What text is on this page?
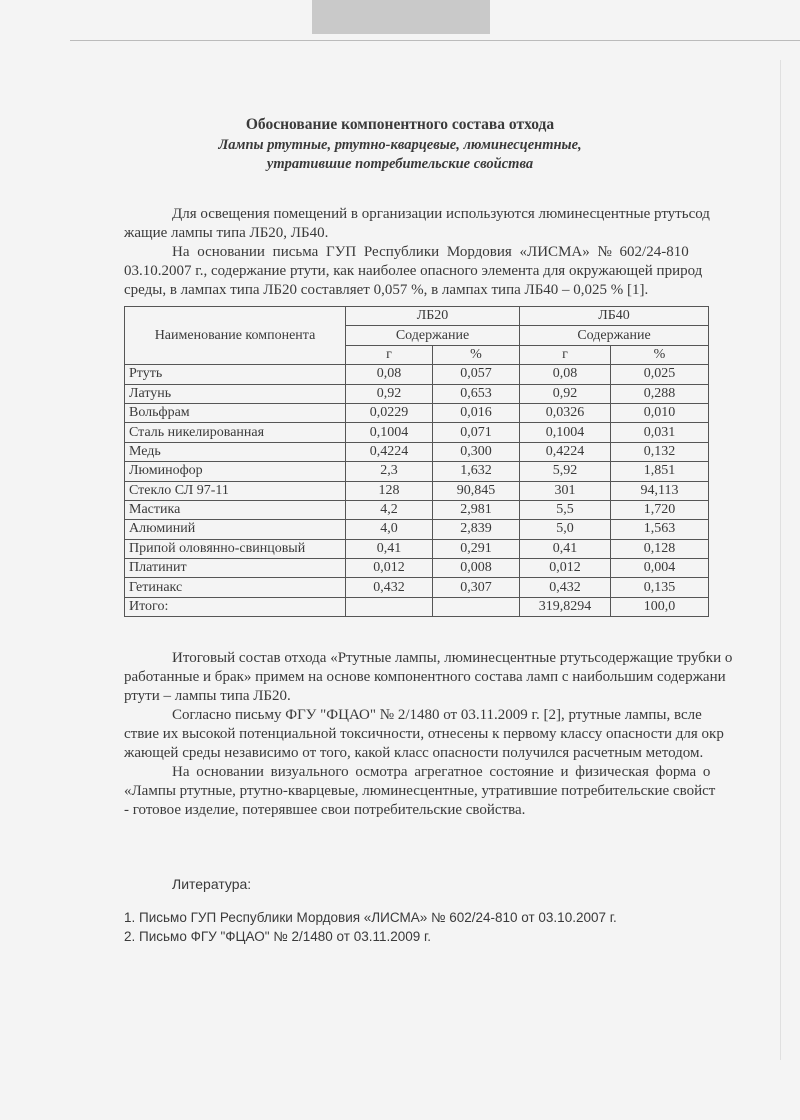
Обоснование компонентного состава отхода
Лампы ртутные, ртутно-кварцевые, люминесцентные,
утратившие потребительские свойства
Для освещения помещений в организации используются люминесцентные ртутьсод
жащие лампы типа ЛБ20, ЛБ40.
На основании письма ГУП Республики Мордовия «ЛИСМА» № 602/24-810
03.10.2007 г., содержание ртути, как наиболее опасного элемента для окружающей природ
среды, в лампах типа ЛБ20 составляет 0,057 %, в лампах типа ЛБ40 – 0,025 % [1].
Наименование компонента	ЛБ20		ЛБ40	
	Содержание		Содержание	
	г	%	г	%
Ртуть	0,08	0,057	0,08	0,025
Латунь	0,92	0,653	0,92	0,288
Вольфрам	0,0229	0,016	0,0326	0,010
Сталь никелированная	0,1004	0,071	0,1004	0,031
Медь	0,4224	0,300	0,4224	0,132
Люминофор	2,3	1,632	5,92	1,851
Стекло СЛ 97-11	128	90,845	301	94,113
Мастика	4,2	2,981	5,5	1,720
Алюминий	4,0	2,839	5,0	1,563
Припой оловянно-свинцовый	0,41	0,291	0,41	0,128
Платинит	0,012	0,008	0,012	0,004
Гетинакс	0,432	0,307	0,432	0,135
Итого:			319,8294	100,0
Итоговый состав отхода «Ртутные лампы, люминесцентные ртутьсодержащие трубки о
работанные и брак» примем на основе компонентного состава ламп с наибольшим содержани
ртути – лампы типа ЛБ20.
Согласно письму ФГУ "ФЦАО" № 2/1480 от 03.11.2009 г. [2], ртутные лампы, всле
ствие их высокой потенциальной токсичности, отнесены к первому классу опасности для окр
жающей среды независимо от того, какой класс опасности получился расчетным методом.
На основании визуального осмотра агрегатное состояние и физическая форма о
«Лампы ртутные, ртутно-кварцевые, люминесцентные, утратившие потребительские свойст
- готовое изделие, потерявшее свои потребительские свойства.
Литература:
1. Письмо ГУП Республики Мордовия «ЛИСМА» № 602/24-810 от 03.10.2007 г.
2. Письмо ФГУ "ФЦАО" № 2/1480 от 03.11.2009 г.
